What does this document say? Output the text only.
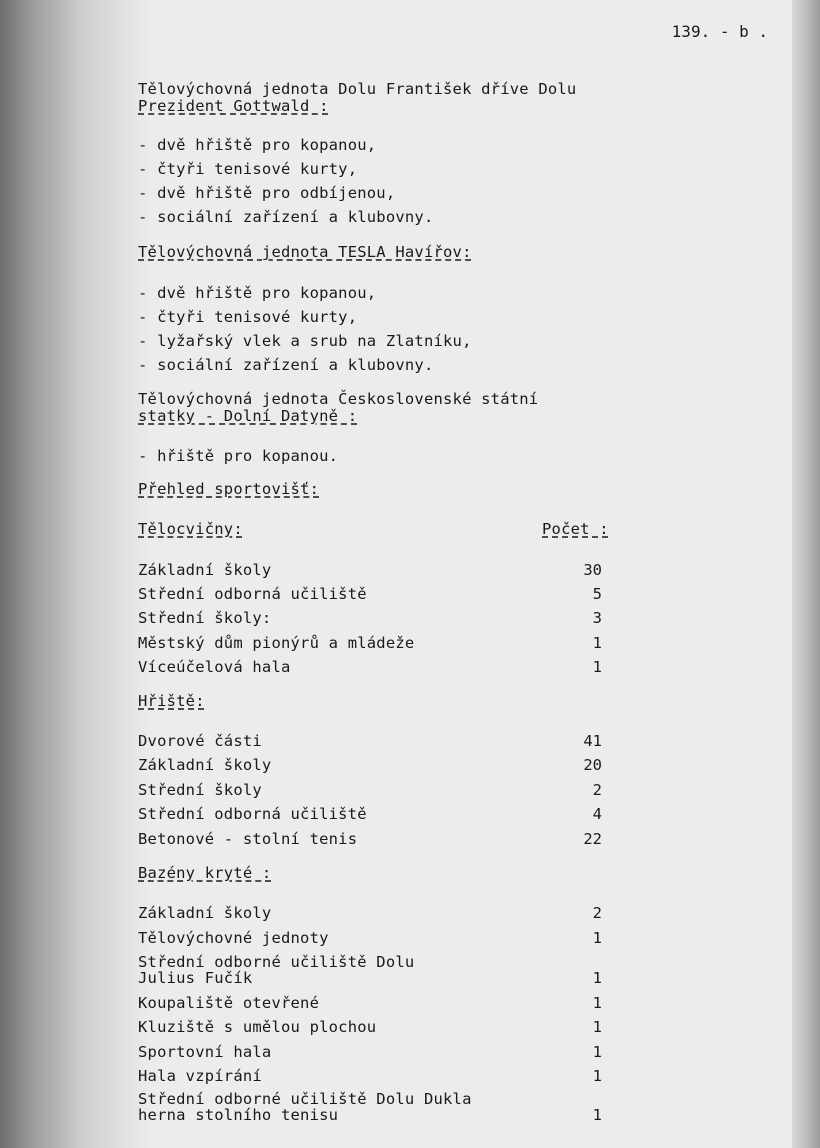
139. - b .
Tělovýchovná jednota Dolu František dříve Dolu
Prezident Gottwald :
- dvě hřiště pro kopanou,
- čtyři tenisové kurty,
- dvě hřiště pro odbíjenou,
- sociální zařízení a klubovny.
Tělovýchovná jednota TESLA Havířov:
- dvě hřiště pro kopanou,
- čtyři tenisové kurty,
- lyžařský vlek a srub na Zlatníku,
- sociální zařízení a klubovny.
Tělovýchovná jednota Československé státní
statky - Dolní Datyně :
- hřiště pro kopanou.
Přehled sportovišť:
Tělocvičny:	Počet :
Základní školy	30
Střední odborná učiliště	5
Střední školy:	3
Městský dům pionýrů a mládeže	1
Víceúčelová hala	1
Hřiště:
Dvorové části	41
Základní školy	20
Střední školy	2
Střední odborná učiliště	4
Betonové - stolní tenis	22
Bazény kryté :
Základní školy	2
Tělovýchovné jednoty	1
Střední odborné učiliště Dolu
Julius Fučík	1
Koupaliště otevřené	1
Kluziště s umělou plochou	1
Sportovní hala	1
Hala vzpírání	1
Střední odborné učiliště Dolu Dukla
herna stolního tenisu	1
